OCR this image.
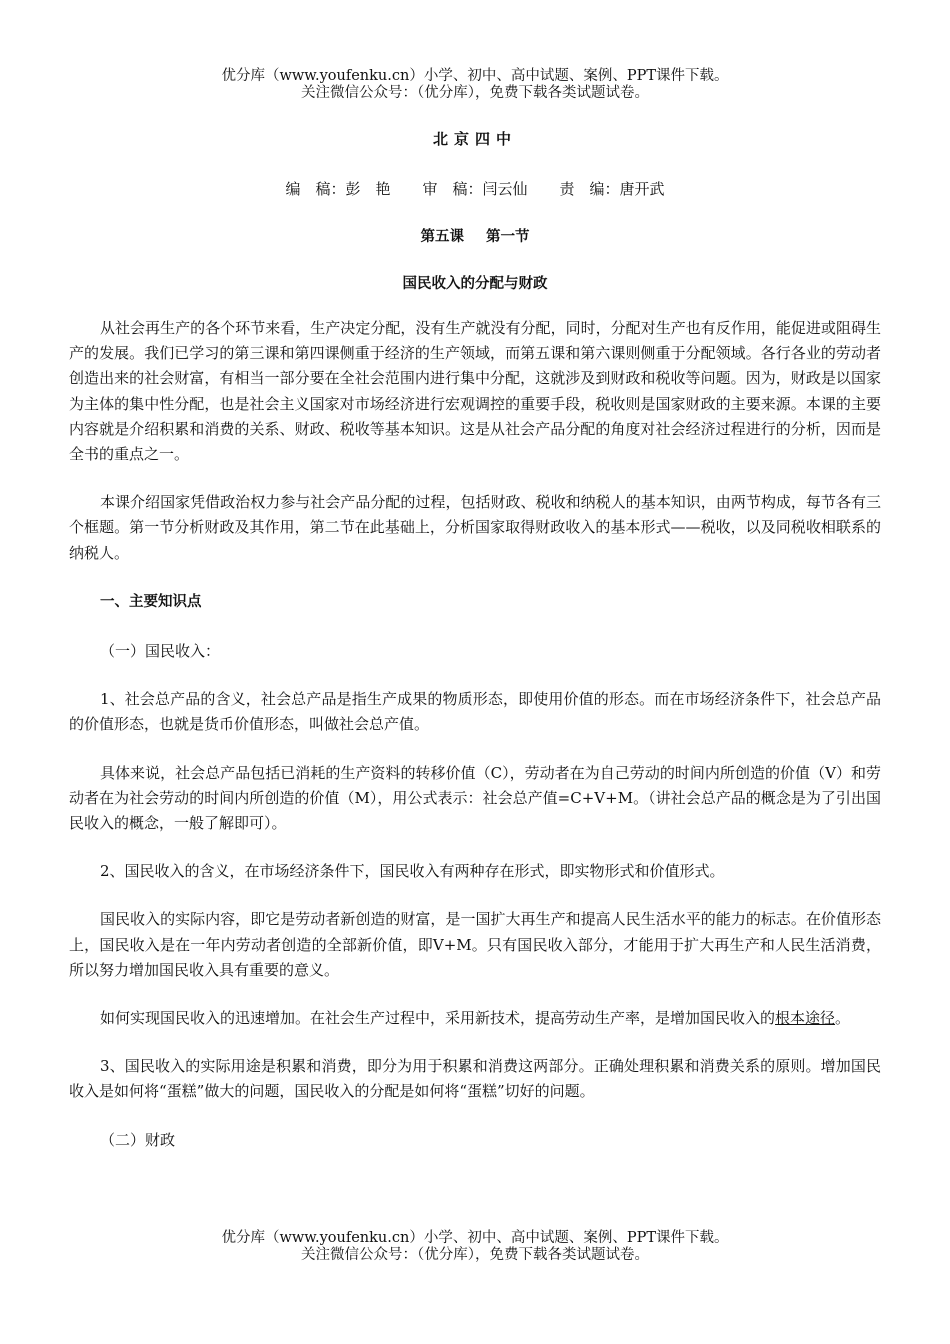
优分库（www.youfenku.cn）小学、初中、高中试题、案例、PPT课件下载。
关注微信公众号：（优分库），免费下载各类试题试卷。
北京四中
编　稿：彭　艳 审　稿：闫云仙 责　编：唐开武
第五课 第一节
国民收入的分配与财政

从社会再生产的各个环节来看，生产决定分配，没有生产就没有分配，同时，分配对生产也有反作用，能促进或阻碍生产的发展。我们已学习的第三课和第四课侧重于经济的生产领域，而第五课和第六课则侧重于分配领域。各行各业的劳动者创造出来的社会财富，有相当一部分要在全社会范围内进行集中分配，这就涉及到财政和税收等问题。因为，财政是以国家为主体的集中性分配，也是社会主义国家对市场经济进行宏观调控的重要手段，税收则是国家财政的主要来源。本课的主要内容就是介绍积累和消费的关系、财政、税收等基本知识。这是从社会产品分配的角度对社会经济过程进行的分析，因而是全书的重点之一。

本课介绍国家凭借政治权力参与社会产品分配的过程，包括财政、税收和纳税人的基本知识，由两节构成，每节各有三个框题。第一节分析财政及其作用，第二节在此基础上，分析国家取得财政收入的基本形式——税收，以及同税收相联系的纳税人。

一、主要知识点

（一）国民收入：

1、社会总产品的含义，社会总产品是指生产成果的物质形态，即使用价值的形态。而在市场经济条件下，社会总产品的价值形态，也就是货币价值形态，叫做社会总产值。

具体来说，社会总产品包括已消耗的生产资料的转移价值（C），劳动者在为自己劳动的时间内所创造的价值（V）和劳动者在为社会劳动的时间内所创造的价值（M），用公式表示：社会总产值=C+V+M。（讲社会总产品的概念是为了引出国民收入的概念，一般了解即可）。

2、国民收入的含义，在市场经济条件下，国民收入有两种存在形式，即实物形式和价值形式。

国民收入的实际内容，即它是劳动者新创造的财富，是一国扩大再生产和提高人民生活水平的能力的标志。在价值形态上，国民收入是在一年内劳动者创造的全部新价值，即V+M。只有国民收入部分，才能用于扩大再生产和人民生活消费，所以努力增加国民收入具有重要的意义。

如何实现国民收入的迅速增加。在社会生产过程中，采用新技术，提高劳动生产率，是增加国民收入的根本途径。

3、国民收入的实际用途是积累和消费，即分为用于积累和消费这两部分。正确处理积累和消费关系的原则。增加国民收入是如何将“蛋糕”做大的问题，国民收入的分配是如何将“蛋糕”切好的问题。

（二）财政

优分库（www.youfenku.cn）小学、初中、高中试题、案例、PPT课件下载。
关注微信公众号：（优分库），免费下载各类试题试卷。
